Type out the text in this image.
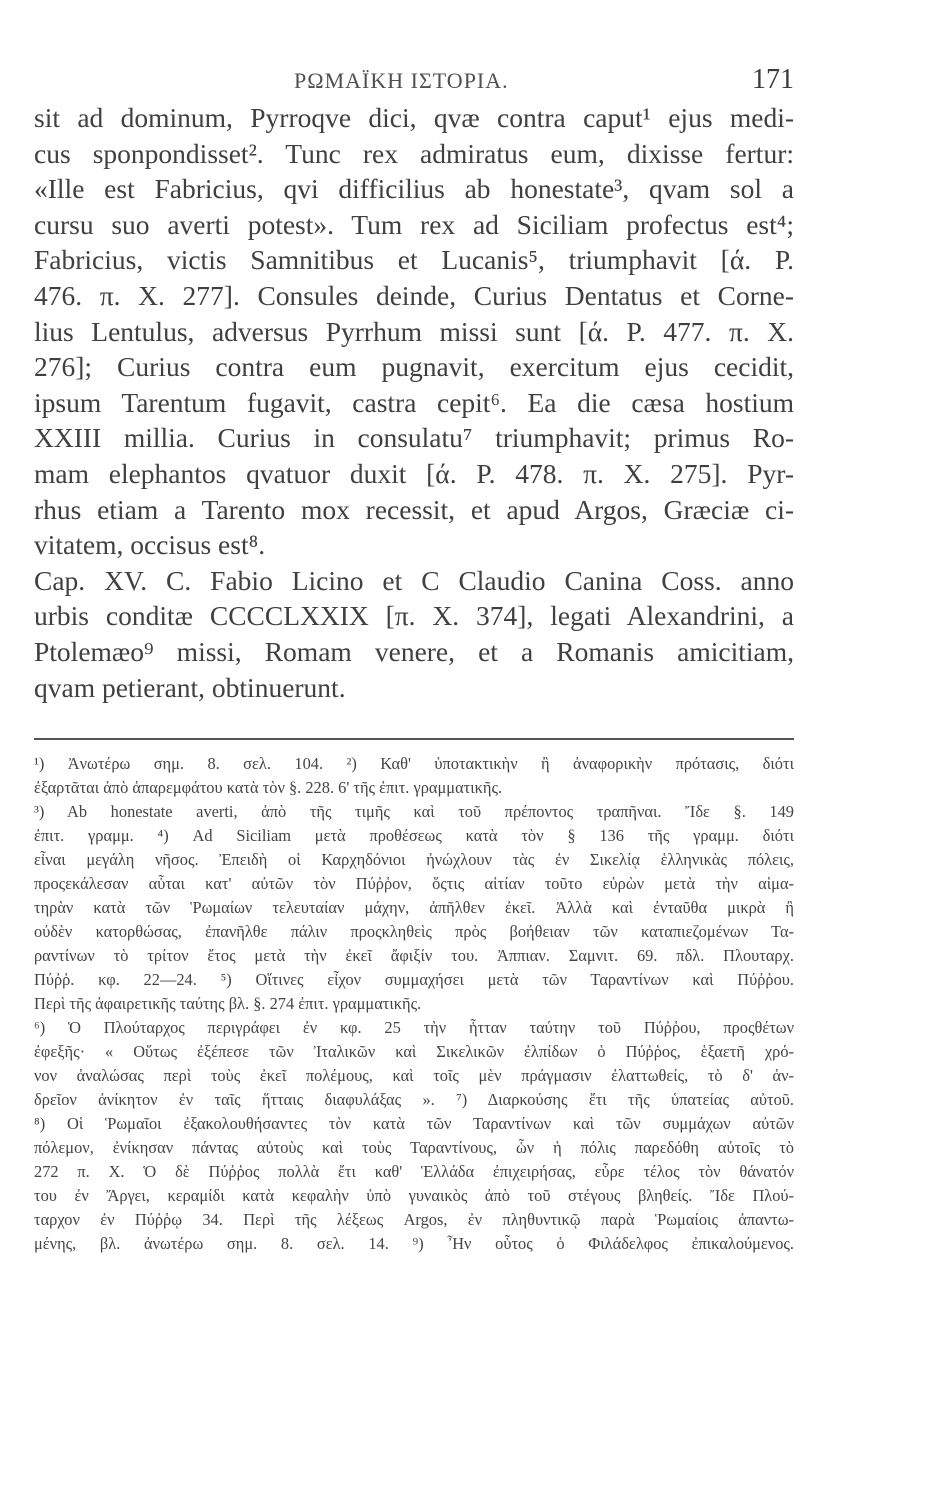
ΡΩΜΑΪΚΗ ΙΣΤΟΡΙΑ.	171
sit ad dominum, Pyrroqve dici, qvæ contra caput¹ ejus medi-
cus sponpondisset². Tunc rex admiratus eum, dixisse fertur:
«Ille est Fabricius, qvi difficilius ab honestate³, qvam sol a
cursu suo averti potest». Tum rex ad Siciliam profectus est⁴;
Fabricius, victis Samnitibus et Lucanis⁵, triumphavit [ά. Ρ.
476. π. Χ. 277]. Consules deinde, Curius Dentatus et Corne-
lius Lentulus, adversus Pyrrhum missi sunt [ά. Ρ. 477. π. Χ.
276]; Curius contra eum pugnavit, exercitum ejus cecidit,
ipsum Tarentum fugavit, castra cepit⁶. Ea die cæsa hostium
XXIII millia. Curius in consulatu⁷ triumphavit; primus Ro-
mam elephantos qvatuor duxit [ά. Ρ. 478. π. Χ. 275]. Pyr-
rhus etiam a Tarento mox recessit, et apud Argos, Græciæ ci-
vitatem, occisus est⁸.
Cap. XV. C. Fabio Licino et C Claudio Canina Coss. anno
urbis conditæ CCCCLXXIX [π. Χ. 374], legati Alexandrini, a
Ptolemæo⁹ missi, Romam venere, et a Romanis amicitiam,
qvam petierant, obtinuerunt.
¹) Ἀνωτέρω σημ. 8. σελ. 104. ²) Καθ' ὑποτακτικὴν ἢ ἀναφορικὴν πρότασις, διότι
ἐξαρτᾶται ἀπὸ ἀπαρεμφάτου κατὰ τὸν §. 228. 6' τῆς ἐπιτ. γραμματικῆς.
³) Ab honestate averti, ἀπὸ τῆς τιμῆς καὶ τοῦ πρέποντος τραπῆναι. Ἴδε §. 149
ἐπιτ. γραμμ. ⁴) Ad Siciliam μετὰ προθέσεως κατὰ τὸν § 136 τῆς γραμμ. διότι
εἶναι μεγάλη νῆσος. Ἐπειδὴ οἱ Καρχηδόνιοι ἠνώχλουν τὰς ἐν Σικελίᾳ ἑλληνικὰς πόλεις,
προςεκάλεσαν αὗται κατ' αὐτῶν τὸν Πύῤῥον, ὅςτις αἰτίαν τοῦτο εὑρὼν μετὰ τὴν αἱμα-
τηρὰν κατὰ τῶν Ῥωμαίων τελευταίαν μάχην, ἀπῆλθεν ἐκεῖ. Ἀλλὰ καὶ ἐνταῦθα μικρὰ ἢ
οὐδὲν κατορθώσας, ἐπανῆλθε πάλιν προςκληθεὶς πρὸς βοήθειαν τῶν καταπιεζομένων Τα-
ραντίνων τὸ τρίτον ἔτος μετὰ τὴν ἐκεῖ ἄφιξίν του. Ἀππιαν. Σαμνιτ. 69. πδλ. Πλουταρχ.
Πύῤῥ. κφ. 22—24. ⁵) Οἵτινες εἶχον συμμαχήσει μετὰ τῶν Ταραντίνων καὶ Πύῤῥου.
Περὶ τῆς ἀφαιρετικῆς ταύτης βλ. §. 274 ἐπιτ. γραμματικῆς.
⁶) Ὁ Πλούταρχος περιγράφει ἐν κφ. 25 τὴν ἧτταν ταύτην τοῦ Πύῤῥου, προςθέτων
ἐφεξῆς· « Οὕτως ἐξέπεσε τῶν Ἰταλικῶν καὶ Σικελικῶν ἐλπίδων ὁ Πύῤῥος, ἑξαετῆ χρό-
νον ἀναλώσας περὶ τοὺς ἐκεῖ πολέμους, καὶ τοῖς μὲν πράγμασιν ἐλαττωθείς, τὸ δ' ἀν-
δρεῖον ἀνίκητον ἐν ταῖς ἥτταις διαφυλάξας ». ⁷) Διαρκούσης ἔτι τῆς ὑπατείας αὐτοῦ.
⁸) Οἱ Ῥωμαῖοι ἐξακολουθήσαντες τὸν κατὰ τῶν Ταραντίνων καὶ τῶν συμμάχων αὐτῶν
πόλεμον, ἐνίκησαν πάντας αὐτοὺς καὶ τοὺς Ταραντίνους, ὧν ἡ πόλις παρεδόθη αὐτοῖς τὸ
272 π. Χ. Ὁ δὲ Πύῤῥος πολλὰ ἔτι καθ' Ἑλλάδα ἐπιχειρήσας, εὗρε τέλος τὸν θάνατόν
του ἐν Ἄργει, κεραμίδι κατὰ κεφαλὴν ὑπὸ γυναικὸς ἀπὸ τοῦ στέγους βληθείς. Ἴδε Πλού-
ταρχον ἐν Πύῤῥῳ 34. Περὶ τῆς λέξεως Argos, ἐν πληθυντικῷ παρὰ Ῥωμαίοις ἀπαντω-
μένης, βλ. ἀνωτέρω σημ. 8. σελ. 14. ⁹) Ἦν οὗτος ὁ Φιλάδελφος ἐπικαλούμενος.
